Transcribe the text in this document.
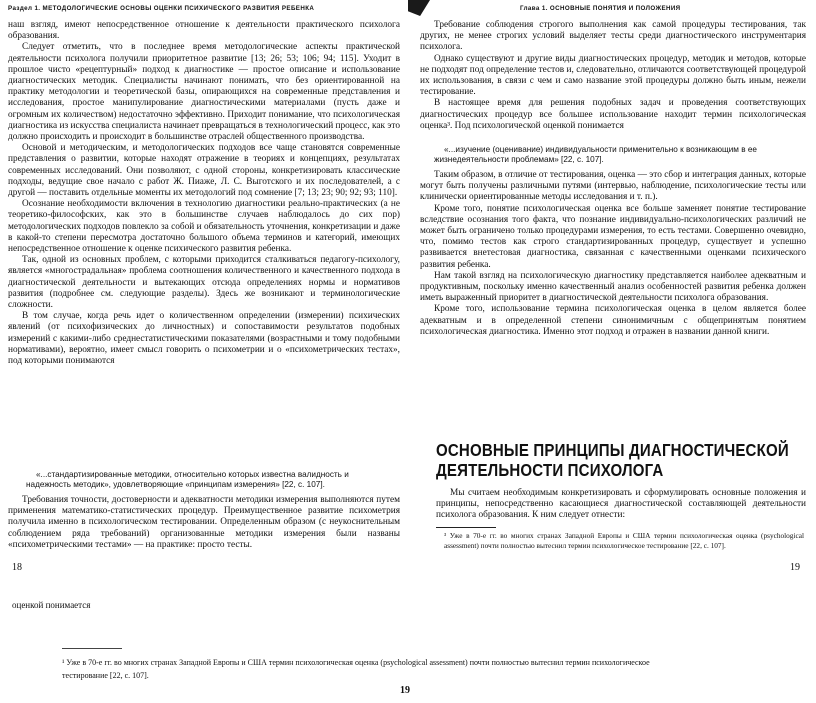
Раздел 1. МЕТОДОЛОГИЧЕСКИЕ ОСНОВЫ ОЦЕНКИ ПСИХИЧЕСКОГО РАЗВИТИЯ РЕБЕНКА

наш взгляд, имеют непосредственное отношение к деятельности практического психолога образования.

Следует отметить, что в последнее время методологические аспекты практической деятельности психолога получили приоритетное развитие [13; 26; 53; 106; 94; 115]. Уходит в прошлое чисто «рецептурный» подход к диагностике — простое описание и использование диагностических методик. Специалисты начинают понимать, что без ориентированной на практику методологии и теоретической базы, опирающихся на современные представления и исследования, простое манипулирование диагностическими материалами (пусть даже и огромным их количеством) недостаточно эффективно. Приходит понимание, что психологическая диагностика из искусства специалиста начинает превращаться в технологический процесс, как это должно происходить и происходит в большинстве отраслей общественного производства.

Основой и методическим, и методологических подходов все чаще становятся современные представления о развитии, которые находят отражение в теориях и концепциях, результатах современных исследований. Они позволяют, с одной стороны, конкретизировать классические подходы, ведущие свое начало с работ Ж. Пиаже, Л. С. Выготского и их последователей, а с другой — поставить отдельные моменты их методологий под сомнение [7; 13; 23; 90; 92; 93; 110].

Осознание необходимости включения в технологию диагностики реально-практических (а не теоретико-философских, как это в большинстве случаев наблюдалось до сих пор) методологических подходов повлекло за собой и обязательность уточнения, конкретизации и даже в какой-то степени пересмотра достаточно большого объема терминов и категорий, имеющих непосредственное отношение к оценке психического развития ребенка.

Так, одной из основных проблем, с которыми приходится сталкиваться педагогу-психологу, является «многострадальная» проблема соотношения количественного и качественного подхода в диагностической деятельности и вытекающих отсюда определениях нормы и нормативов развития (подробнее см. следующие разделы). Здесь же возникают и терминологические сложности.

В том случае, когда речь идет о количественном определении (измерении) психических явлений (от психофизических до личностных) и сопоставимости результатов подобных измерений с какими-либо среднестатистическими показателями (возрастными и тому подобными нормативами), вероятно, имеет смысл говорить о психометрии и о «психометрических тестах», под которыми понимаются

«...стандартизированные методики, относительно которых известна валидность и надежность методик», удовлетворяющие «принципам измерения» [22, с. 107].

Требования точности, достоверности и адекватности методики измерения выполняются путем применения математико-статистических процедур. Преимущественное развитие психометрия получила именно в психологическом тестировании. Определенным образом (с неукоснительным соблюдением ряда требований) организованные методики измерения были названы «психометрическими тестами» — на практике: просто тесты.

18
Глава 1. ОСНОВНЫЕ ПОНЯТИЯ И ПОЛОЖЕНИЯ

Требование соблюдения строгого выполнения как самой процедуры тестирования, так других, не менее строгих условий выделяет тесты среди диагностического инструментария психолога.

Однако существуют и другие виды диагностических процедур, методик и методов, которые не подходят под определение тестов и, следовательно, отличаются соответствующей процедурой их использования, в связи с чем и само название этой процедуры должно быть иным, нежели тестирование.

В настоящее время для решения подобных задач и проведения соответствующих диагностических процедур все большее использование находит термин психологическая оценка³. Под психологической оценкой понимается

«...изучение (оценивание) индивидуальности применительно к возникающим в ее жизнедеятельности проблемам» [22, с. 107].

Таким образом, в отличие от тестирования, оценка — это сбор и интеграция данных, которые могут быть получены различными путями (интервью, наблюдение, психологические тесты или клинически ориентированные методы исследования и т. п.).

Кроме того, понятие психологическая оценка все больше заменяет понятие тестирование вследствие осознания того факта, что познание индивидуально-психологических различий не может быть ограничено только процедурами измерения, то есть тестами. Совершенно очевидно, что, помимо тестов как строго стандартизированных процедур, существует и успешно развивается внетестовая диагностика, связанная с качественными оценками психического развития ребенка.

Нам такой взгляд на психологическую диагностику представляется наиболее адекватным и продуктивным, поскольку именно качественный анализ особенностей развития ребенка должен иметь выраженный приоритет в диагностической деятельности психолога образования.

Кроме того, использование термина психологическая оценка в целом является более адекватным и в определенной степени синонимичным с общепринятым понятием психологическая диагностика. Именно этот подход и отражен в названии данной книги.

ОСНОВНЫЕ ПРИНЦИПЫ ДИАГНОСТИЧЕСКОЙ
ДЕЯТЕЛЬНОСТИ ПСИХОЛОГА

Мы считаем необходимым конкретизировать и сформулировать основные положения и принципы, непосредственно касающиеся диагностической составляющей деятельности психолога образования. К ним следует отнести:

³ Уже в 70-е гг. во многих странах Западной Европы и США термин психологическая оценка (psychological assessment) почти полностью вытеснил термин психологическое тестирование [22, с. 107].

19
оценкой понимается
¹ Уже в 70-е гг. во многих странах Западной Европы и США термин психологическая оценка (psychological assessment) почти полностью вытеснил термин психологическое тестирование [22, с. 107].
19
